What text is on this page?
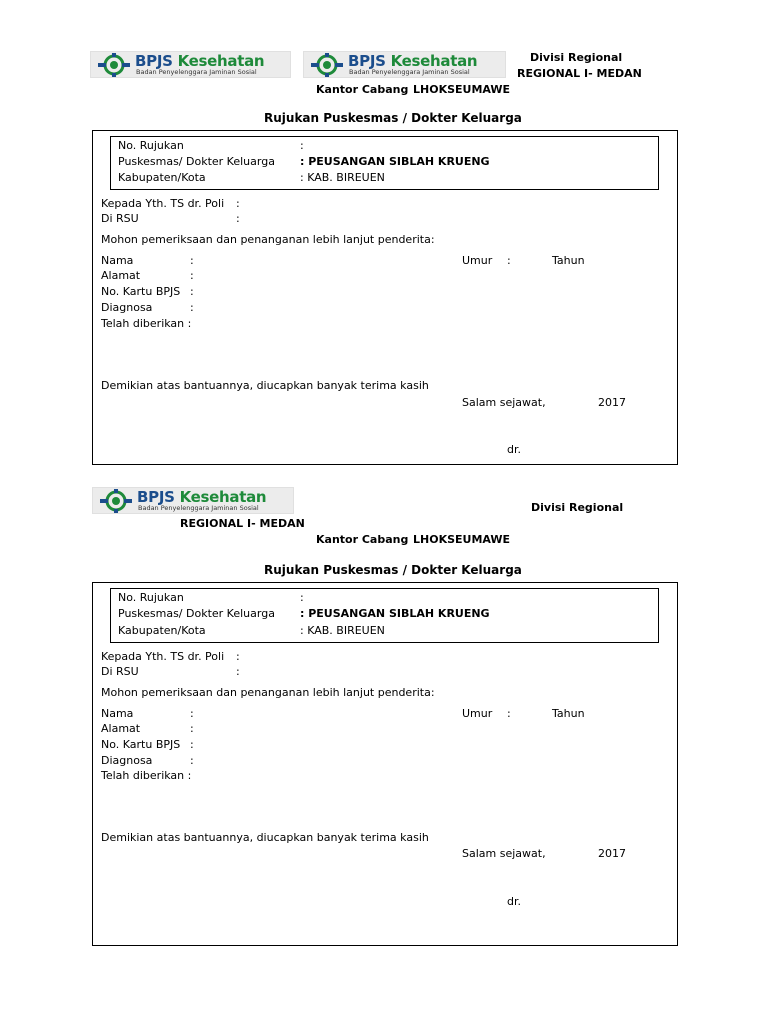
BPJS Kesehatan
Badan Penyelenggara Jaminan Sosial
BPJS Kesehatan
Badan Penyelenggara Jaminan Sosial
Divisi Regional
REGIONAL I- MEDAN
Kantor Cabang LHOKSEUMAWE
Rujukan Puskesmas / Dokter Keluarga
No. Rujukan	:
Puskesmas/ Dokter Keluarga : PEUSANGAN SIBLAH KRUENG
Kabupaten/Kota	: KAB. BIREUEN
Kepada Yth. TS dr. Poli :
Di RSU	:
Mohon pemeriksaan dan penanganan lebih lanjut penderita:
Nama	:	Umur :	Tahun
Alamat	:
No. Kartu BPJS :
Diagnosa	:
Telah diberikan :
Demikian atas bantuannya, diucapkan banyak terima kasih
Salam sejawat,	2017
dr.
BPJS Kesehatan
Badan Penyelenggara Jaminan Sosial	Divisi Regional
REGIONAL I- MEDAN
Kantor Cabang LHOKSEUMAWE
Rujukan Puskesmas / Dokter Keluarga
No. Rujukan	:
Puskesmas/ Dokter Keluarga : PEUSANGAN SIBLAH KRUENG
Kabupaten/Kota	: KAB. BIREUEN
Kepada Yth. TS dr. Poli :
Di RSU	:
Mohon pemeriksaan dan penanganan lebih lanjut penderita:
Nama	:	Umur :	Tahun
Alamat	:
No. Kartu BPJS :
Diagnosa	:
Telah diberikan :
Demikian atas bantuannya, diucapkan banyak terima kasih
Salam sejawat,	2017
dr.
